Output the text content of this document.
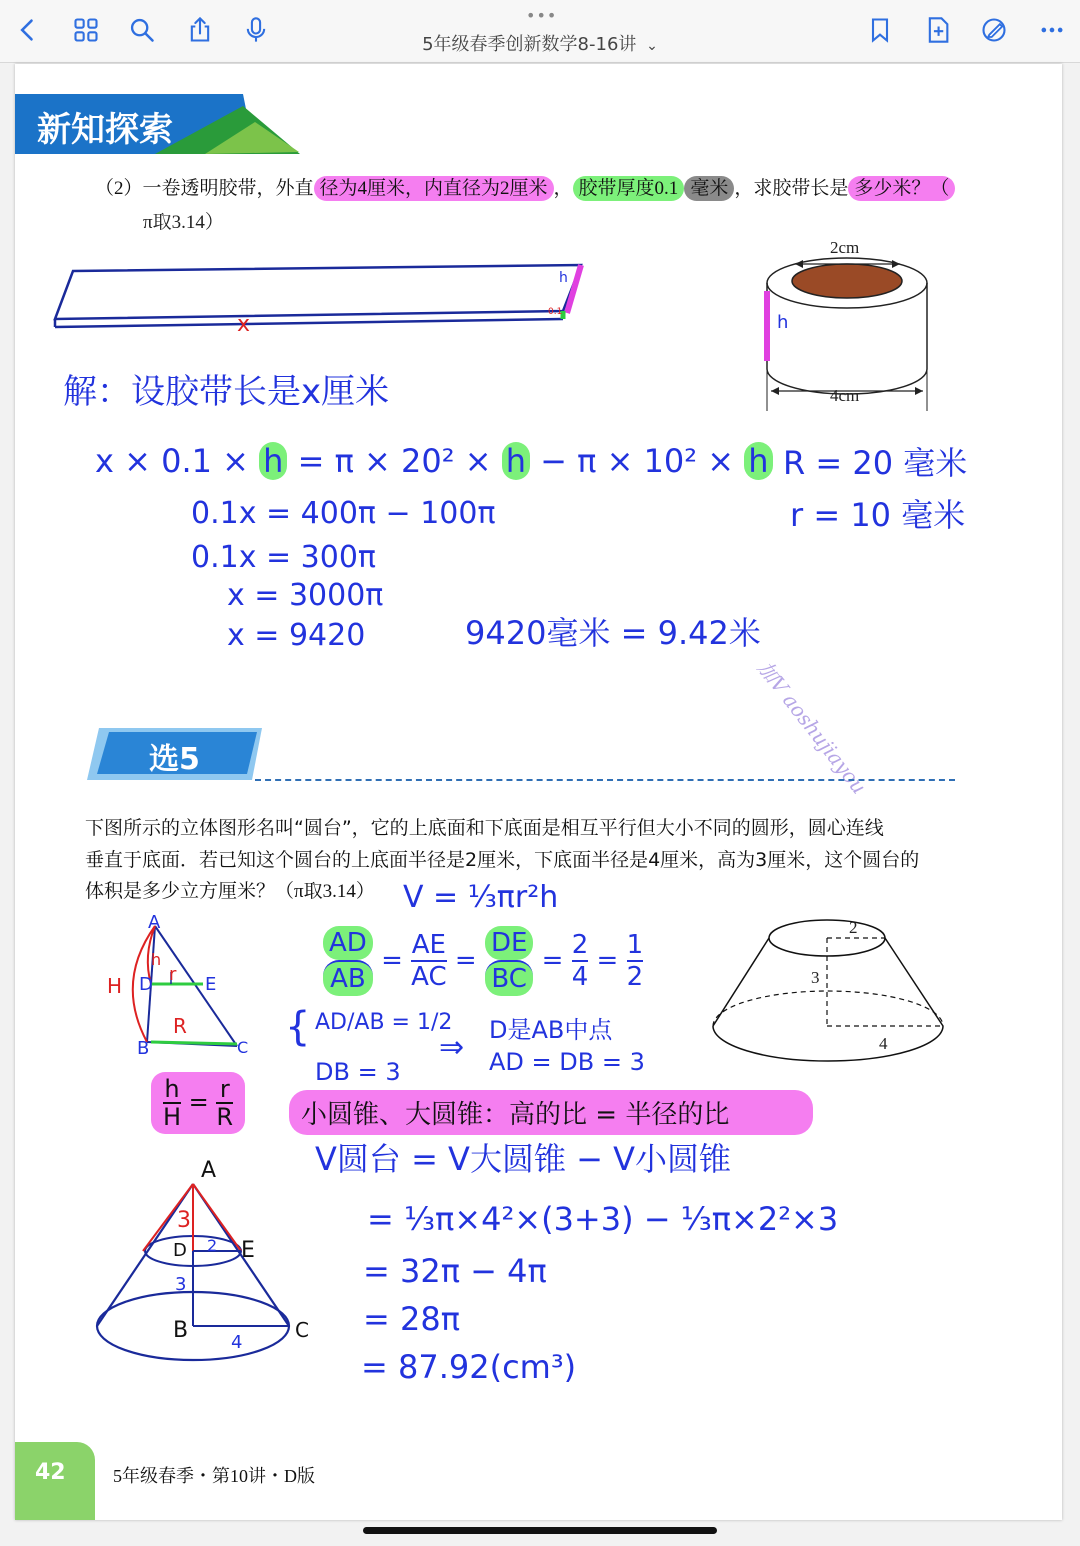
•••
5年级春季创新数学8-16讲 ⌄
新知探索
（2）一卷透明胶带，外直 径为4厘米，内直径为2厘米 ， 胶带厚度0.1 毫米 ，求胶带长是 多少米？（
π取3.14）
x
h
0.1
2cm
4cm
h
解：设胶带长是x厘米
x × 0.1 × h = π × 20² × h − π × 10² × h
0.1x = 400π − 100π
0.1x = 300π
x = 3000π
x = 9420	9420毫米 = 9.42米
R = 20 毫米
r = 10 毫米
加V aoshujiayou
选5
下图所示的立体图形名叫“圆台”，它的上底面和下底面是相互平行但大小不同的圆形，圆心连线
垂直于底面．若已知这个圆台的上底面半径是2厘米，下底面半径是4厘米，高为3厘米，这个圆台的
体积是多少立方厘米？（π取3.14） V = ⅓πr²h
2
3
4
A
D	E
B	C
H
h
r
R
$\frac{AD}{AB} = \frac{AE}{AC} = \frac{DE}{BC} = \frac{2}{4} = \frac{1}{2}$
{ AD/AB = 1/2
DB = 3
⇒ D是AB中点
AD = DB = 3
$\frac{h}{H} = \frac{r}{R}$	小圆锥、大圆锥：高的比 = 半径的比
V圆台 = V大圆锥 − V小圆锥
A
D E
B	C
3
2
3
4
= ⅓π×4²×(3+3) − ⅓π×2²×3
= 32π − 4π
= 28π
= 87.92(cm³)
42	5年级春季・第10讲・D版
